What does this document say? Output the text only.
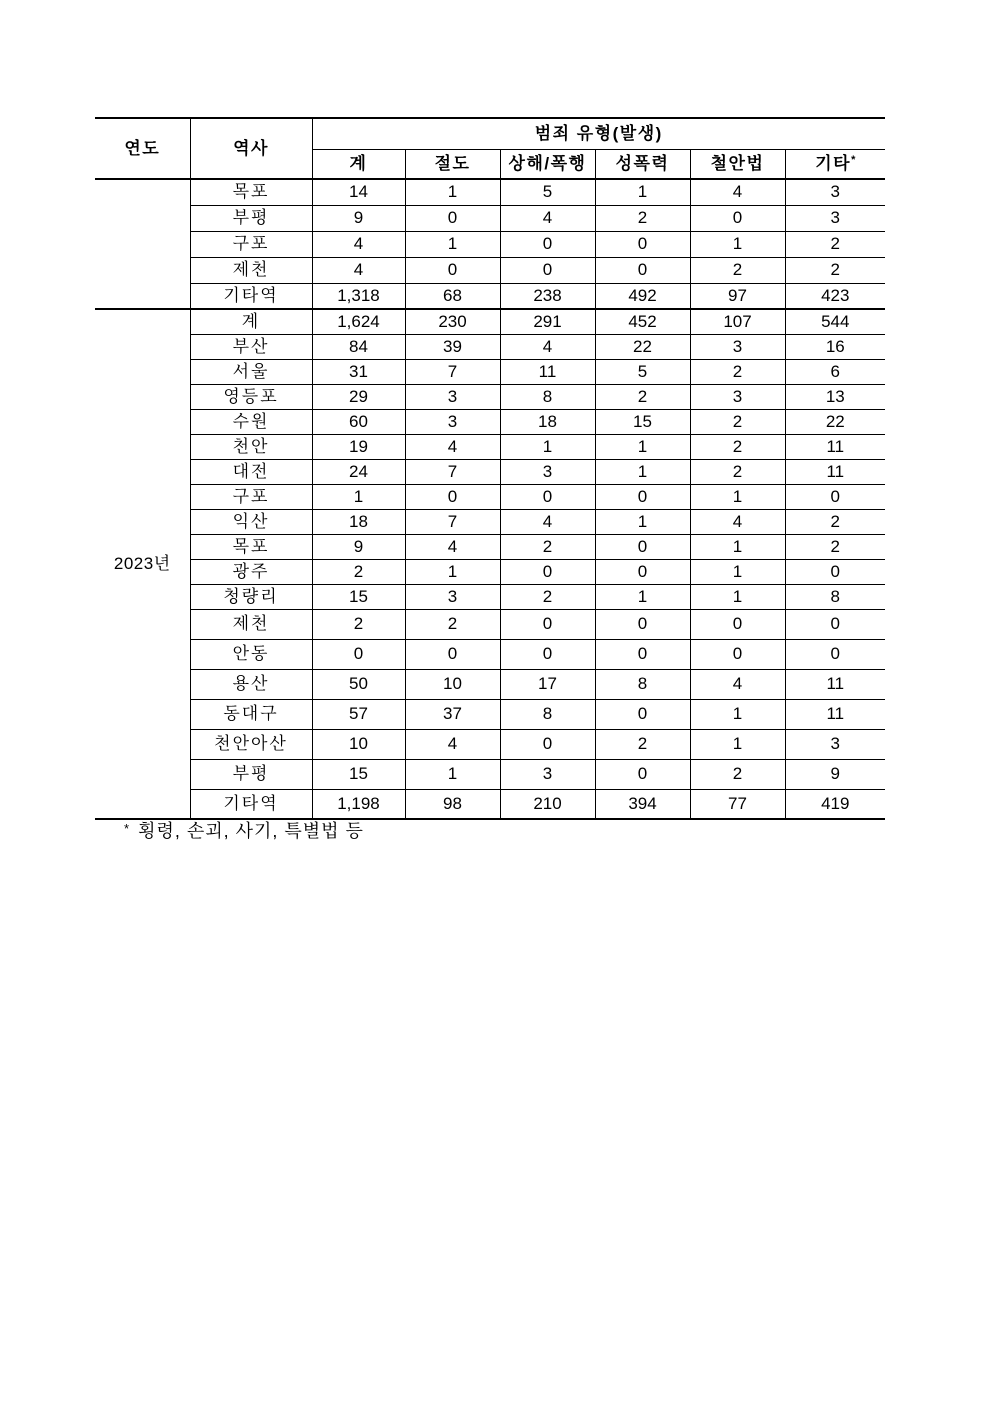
연도	역사	범죄 유형(발생)					
		계	절도	상해/폭행	성폭력	철안법	기타*
	목포	14	1	5	1	4	3
	부평	9	0	4	2	0	3
	구포	4	1	0	0	1	2
	제천	4	0	0	0	2	2
	기타역	1,318	68	238	492	97	423
2023년	계	1,624	230	291	452	107	544
	부산	84	39	4	22	3	16
	서울	31	7	11	5	2	6
	영등포	29	3	8	2	3	13
	수원	60	3	18	15	2	22
	천안	19	4	1	1	2	11
	대전	24	7	3	1	2	11
	구포	1	0	0	0	1	0
	익산	18	7	4	1	4	2
	목포	9	4	2	0	1	2
	광주	2	1	0	0	1	0
	청량리	15	3	2	1	1	8
	제천	2	2	0	0	0	0
	안동	0	0	0	0	0	0
	용산	50	10	17	8	4	11
	동대구	57	37	8	0	1	11
	천안아산	10	4	0	2	1	3
	부평	15	1	3	0	2	9
	기타역	1,198	98	210	394	77	419
* 횡령, 손괴, 사기, 특별법 등
